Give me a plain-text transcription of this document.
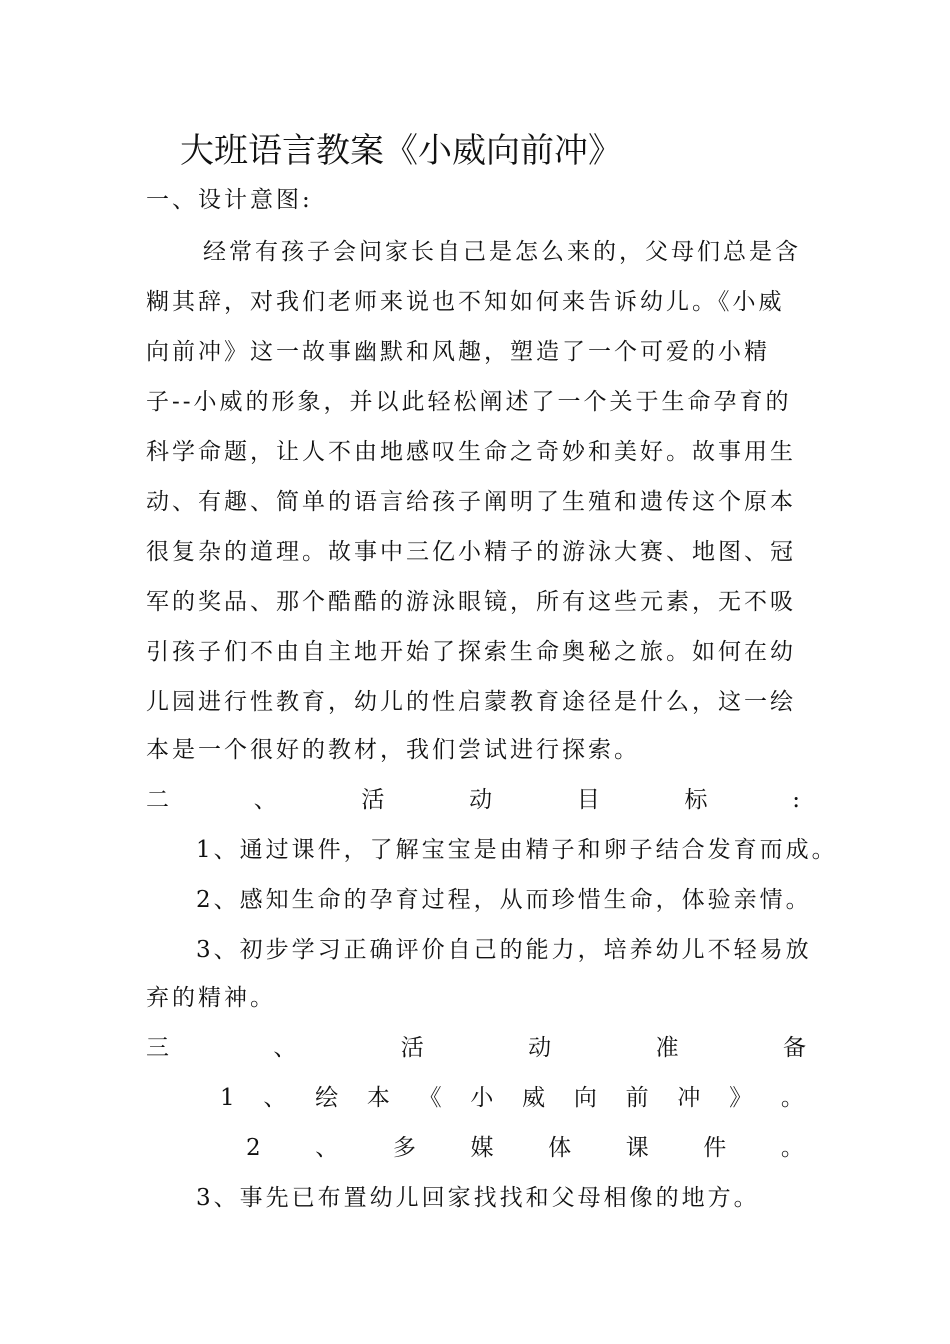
大班语言教案《小威向前冲》
一、设计意图:
经常有孩子会问家长自己是怎么来的，父母们总是含
糊其辞，对我们老师来说也不知如何来告诉幼儿。《小威
向前冲》这一故事幽默和风趣，塑造了一个可爱的小精
子--小威的形象，并以此轻松阐述了一个关于生命孕育的
科学命题，让人不由地感叹生命之奇妙和美好。故事用生
动、有趣、简单的语言给孩子阐明了生殖和遗传这个原本
很复杂的道理。故事中三亿小精子的游泳大赛、地图、冠
军的奖品、那个酷酷的游泳眼镜，所有这些元素，无不吸
引孩子们不由自主地开始了探索生命奥秘之旅。如何在幼
儿园进行性教育，幼儿的性启蒙教育途径是什么，这一绘
本是一个很好的教材，我们尝试进行探索。
二	、	活	动	目	标	:
1、通过课件，了解宝宝是由精子和卵子结合发育而成。
2、感知生命的孕育过程，从而珍惜生命，体验亲情。
3、初步学习正确评价自己的能力，培养幼儿不轻易放
弃的精神。
三	、	活	动	准	备
1 、 绘 本 《 小 威 向 前 冲 》 。
2 、 多 媒 体 课 件 。
3、事先已布置幼儿回家找找和父母相像的地方。
